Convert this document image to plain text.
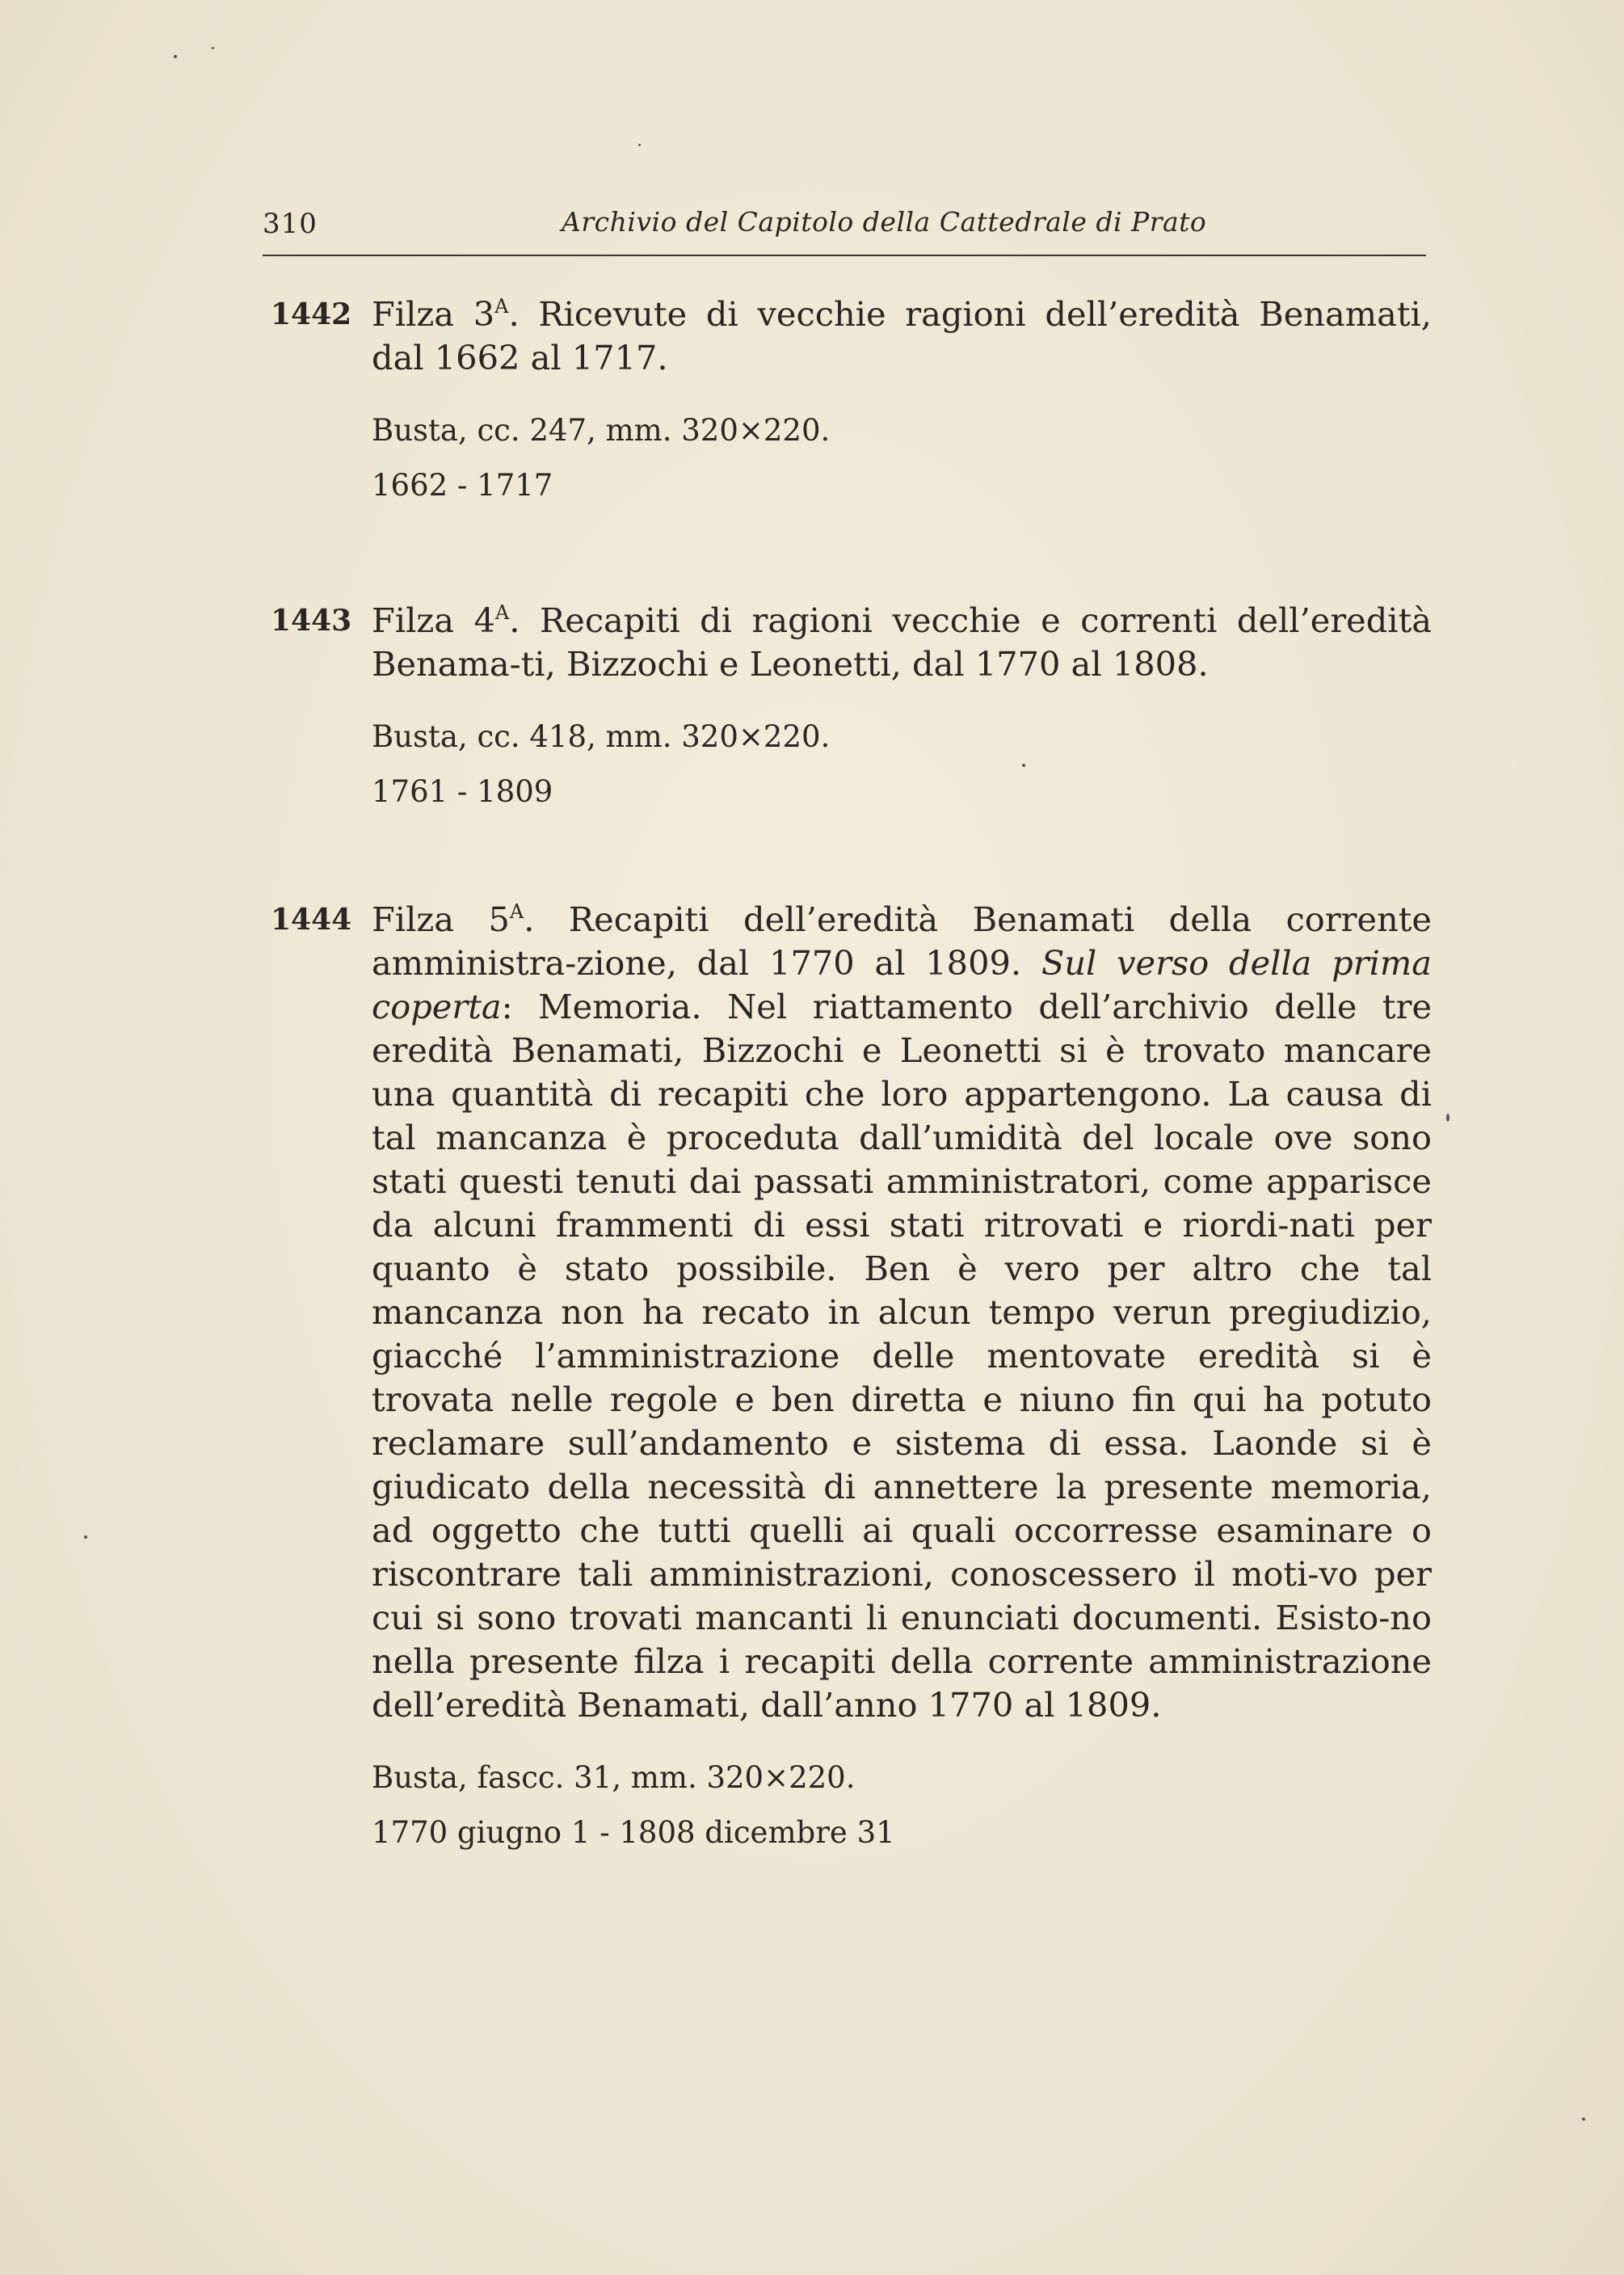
310	Archivio del Capitolo della Cattedrale di Prato
1442 Filza $3^A$. Ricevute di vecchie ragioni dell’eredità Benamati, dal 1662 al 1717.

Busta, cc. 247, mm. 320×220.

1662 - 1717

1443 Filza $4^A$. Recapiti di ragioni vecchie e correnti dell’eredità Benama-ti, Bizzochi e Leonetti, dal 1770 al 1808.

Busta, cc. 418, mm. 320×220.

1761 - 1809

1444 Filza $5^A$. Recapiti dell’eredità Benamati della corrente amministra-zione, dal 1770 al 1809. Sul verso della prima coperta: Memoria. Nel riattamento dell’archivio delle tre eredità Benamati, Bizzochi e Leonetti si è trovato mancare una quantità di recapiti che loro appartengono. La causa di tal mancanza è proceduta dall’umidità del locale ove sono stati questi tenuti dai passati amministratori, come apparisce da alcuni frammenti di essi stati ritrovati e riordi-nati per quanto è stato possibile. Ben è vero per altro che tal mancanza non ha recato in alcun tempo verun pregiudizio, giacché l’amministrazione delle mentovate eredità si è trovata nelle regole e ben diretta e niuno fin qui ha potuto reclamare sull’andamento e sistema di essa. Laonde si è giudicato della necessità di annettere la presente memoria, ad oggetto che tutti quelli ai quali occorresse esaminare o riscontrare tali amministrazioni, conoscessero il moti-vo per cui si sono trovati mancanti li enunciati documenti. Esisto-no nella presente filza i recapiti della corrente amministrazione dell’eredità Benamati, dall’anno 1770 al 1809.

Busta, fascc. 31, mm. 320×220.

1770 giugno 1 - 1808 dicembre 31
